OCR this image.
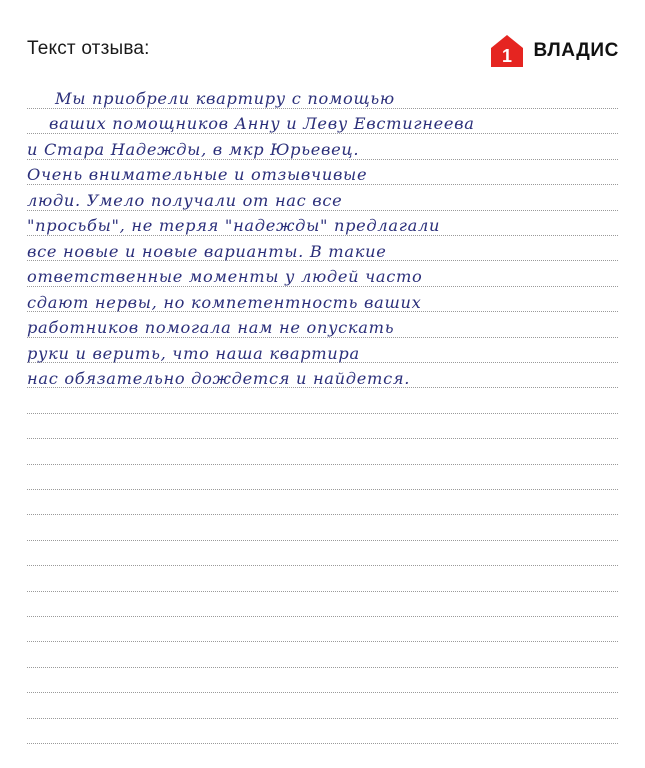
Текст отзыва:	1 ВЛАДИС
Мы приобрели квартиру с помощью
ваших помощников Анну и Леву Евстигнеева
и Стара Надежды, в мкр Юрьевец.
Очень внимательные и отзывчивые
люди. Умело получали от нас все
"просьбы", не теряя "надежды" предлагали
все новые и новые варианты. В такие
ответственные моменты у людей часто
сдают нервы, но компетентность ваших
работников помогала нам не опускать
руки и верить, что наша квартира
нас обязательно дождется и найдется.
